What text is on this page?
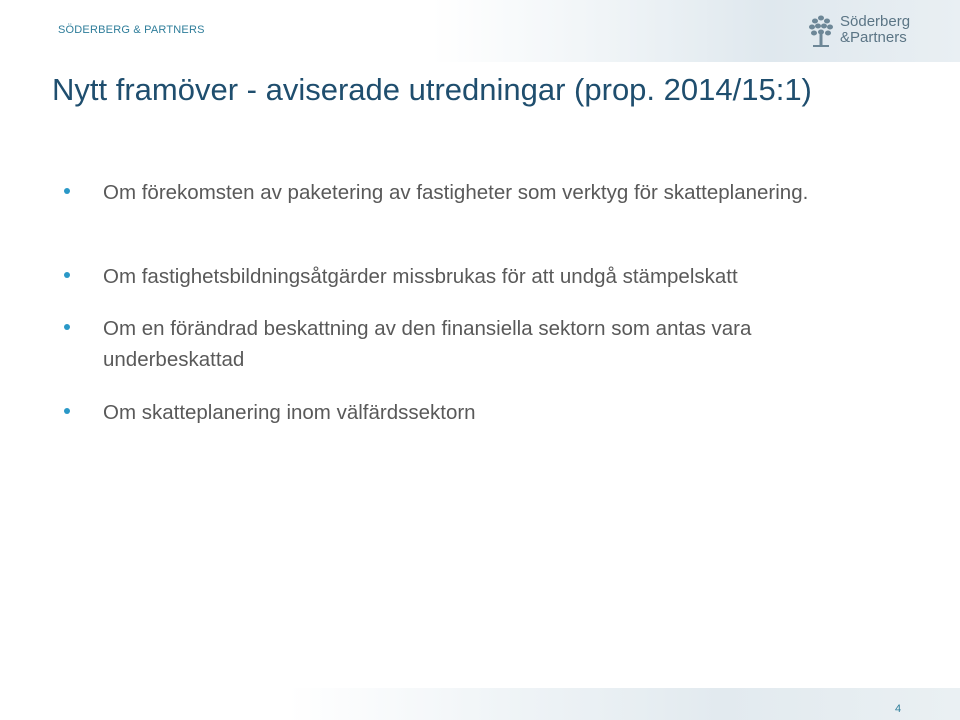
SÖDERBERG & PARTNERS	Söderberg
&Partners
Nytt framöver - aviserade utredningar (prop. 2014/15:1)
Om förekomsten av paketering av fastigheter som verktyg för skatteplanering.
Om fastighetsbildningsåtgärder missbrukas för att undgå stämpelskatt
Om en förändrad beskattning av den finansiella sektorn som antas vara underbeskattad
Om skatteplanering inom välfärdssektorn
4
